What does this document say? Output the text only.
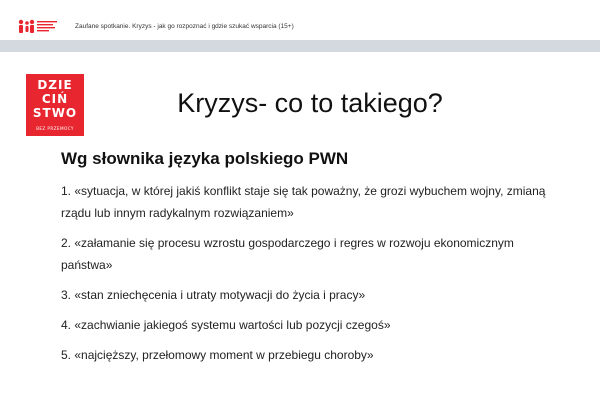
Zaufane spotkanie. Kryzys - jak go rozpoznać i gdzie szukać wsparcia (15+)
DZIE
CIŃ
STWO
BEZ PRZEMOCY
Kryzys- co to takiego?
Wg słownika języka polskiego PWN
1. «sytuacja, w której jakiś konflikt staje się tak poważny, że grozi wybuchem wojny, zmianą rządu lub innym radykalnym rozwiązaniem»
2. «załamanie się procesu wzrostu gospodarczego i regres w rozwoju ekonomicznym państwa»
3. «stan zniechęcenia i utraty motywacji do życia i pracy»
4. «zachwianie jakiegoś systemu wartości lub pozycji czegoś»
5. «najcięższy, przełomowy moment w przebiegu choroby»
